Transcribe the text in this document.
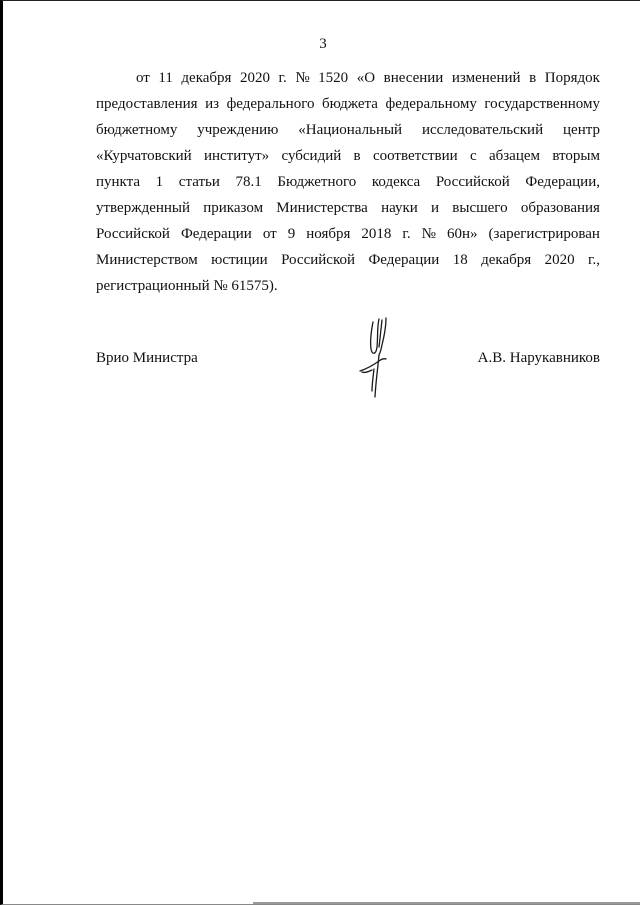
3
от 11 декабря 2020 г. № 1520 «О внесении изменений в Порядок
предоставления из федерального бюджета федеральному государственному
бюджетному учреждению «Национальный исследовательский центр
«Курчатовский институт» субсидий в соответствии с абзацем вторым
пункта 1 статьи 78.1 Бюджетного кодекса Российской Федерации,
утвержденный приказом Министерства науки и высшего образования
Российской Федерации от 9 ноября 2018 г. № 60н» (зарегистрирован
Министерством юстиции Российской Федерации 18 декабря 2020 г.,
регистрационный № 61575).
Врио Министра	А.В. Нарукавников
